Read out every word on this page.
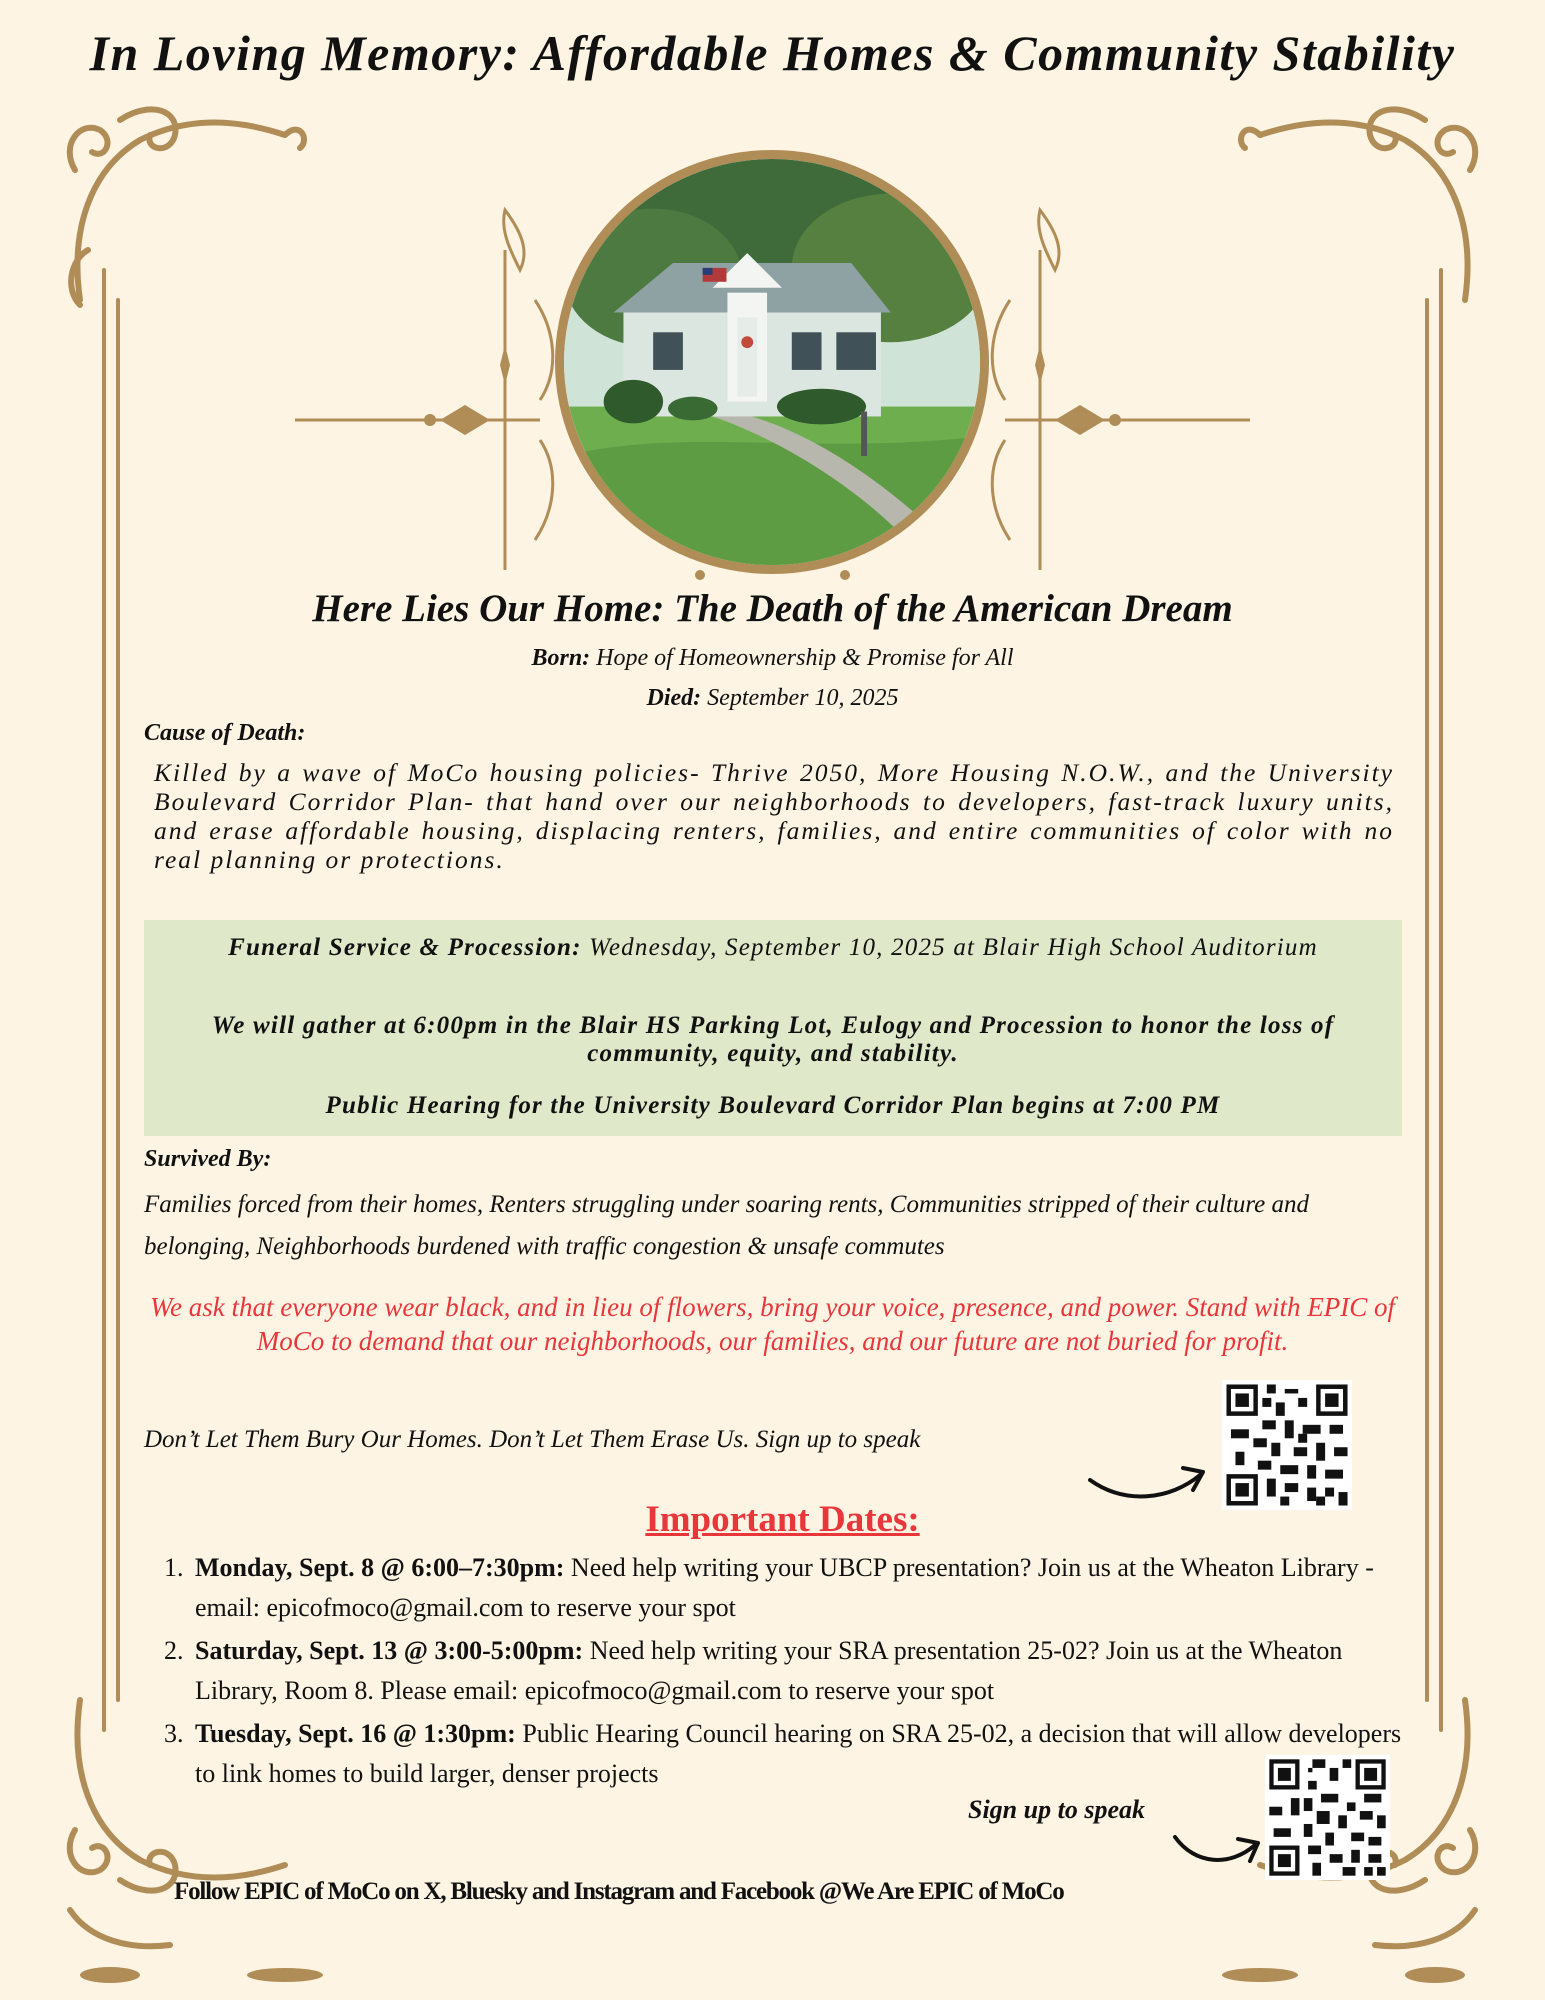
In Loving Memory: Affordable Homes & Community Stability
Here Lies Our Home: The Death of the American Dream
Born: Hope of Homeownership & Promise for All
Died: September 10, 2025
Cause of Death:
Killed by a wave of MoCo housing policies- Thrive 2050, More Housing N.O.W., and the University Boulevard Corridor Plan- that hand over our neighborhoods to developers, fast-track luxury units, and erase affordable housing, displacing renters, families, and entire communities of color with no real planning or protections.
Funeral Service & Procession: Wednesday, September 10, 2025 at Blair High School Auditorium
We will gather at 6:00pm in the Blair HS Parking Lot, Eulogy and Procession to honor the loss of community, equity, and stability.
Public Hearing for the University Boulevard Corridor Plan begins at 7:00 PM
Survived By:
Families forced from their homes, Renters struggling under soaring rents, Communities stripped of their culture and belonging, Neighborhoods burdened with traffic congestion & unsafe commutes
We ask that everyone wear black, and in lieu of flowers, bring your voice, presence, and power. Stand with EPIC of MoCo to demand that our neighborhoods, our families, and our future are not buried for profit.
Don’t Let Them Bury Our Homes. Don’t Let Them Erase Us. Sign up to speak
Important Dates:
1. Monday, Sept. 8 @ 6:00–7:30pm: Need help writing your UBCP presentation? Join us at the Wheaton Library - email: epicofmoco@gmail.com to reserve your spot
2. Saturday, Sept. 13 @ 3:00-5:00pm: Need help writing your SRA presentation 25-02? Join us at the Wheaton Library, Room 8. Please email: epicofmoco@gmail.com to reserve your spot
3. Tuesday, Sept. 16 @ 1:30pm: Public Hearing Council hearing on SRA 25-02, a decision that will allow developers to link homes to build larger, denser projects
Sign up to speak
Follow EPIC of MoCo on X, Bluesky and Instagram and Facebook @We Are EPIC of MoCo
